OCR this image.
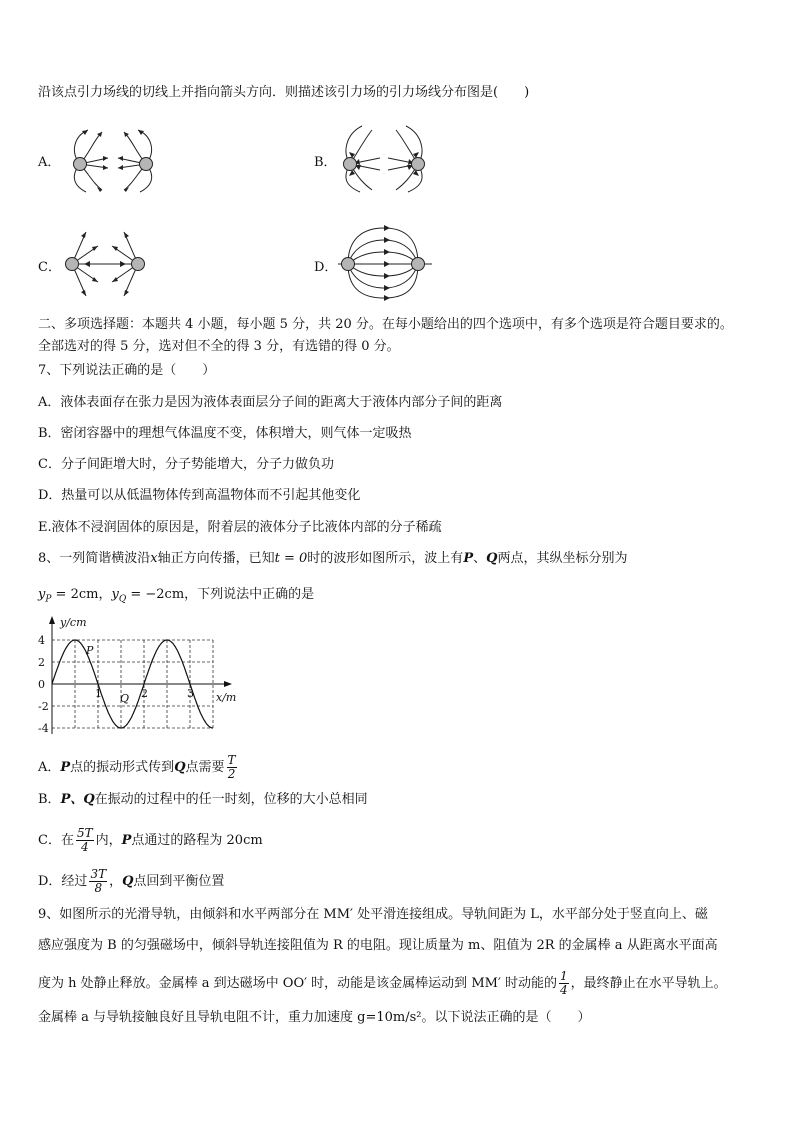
沿该点引力场线的切线上并指向箭头方向．则描述该引力场的引力场线分布图是(　　)
A．	B．
C．	D．
二、多项选择题：本题共 4 小题，每小题 5 分，共 20 分。在每小题给出的四个选项中，有多个选项是符合题目要求的。
全部选对的得 5 分，选对但不全的得 3 分，有选错的得 0 分。
7、下列说法正确的是（　　）
A．液体表面存在张力是因为液体表面层分子间的距离大于液体内部分子间的距离
B．密闭容器中的理想气体温度不变，体积增大，则气体一定吸热
C．分子间距增大时，分子势能增大，分子力做负功
D．热量可以从低温物体传到高温物体而不引起其他变化
E.液体不浸润固体的原因是，附着层的液体分子比液体内部的分子稀疏
8、一列简谐横波沿x轴正方向传播，已知t = 0时的波形如图所示，波上有P、Q两点，其纵坐标分别为
$y_P = 2cm$，$y_Q = -2cm$，下列说法中正确的是
4
2
0
-2
-4
1	2	3
y/cm
x/m
P
Q
A．P点的振动形式传到Q点需要 $\frac{T}{2}$
B．P、Q在振动的过程中的任一时刻，位移的大小总相同
C．在 $\frac{5T}{4}$ 内，P点通过的路程为 20cm
D．经过 $\frac{3T}{8}$ ，Q点回到平衡位置
9、如图所示的光滑导轨，由倾斜和水平两部分在 MM′ 处平滑连接组成。导轨间距为 L，水平部分处于竖直向上、磁
感应强度为 B 的匀强磁场中，倾斜导轨连接阻值为 R 的电阻。现让质量为 m、阻值为 2R 的金属棒 a 从距离水平面高
度为 h 处静止释放。金属棒 a 到达磁场中 OO′ 时，动能是该金属棒运动到 MM′ 时动能的 $\frac{1}{4}$ ，最终静止在水平导轨上。
金属棒 a 与导轨接触良好且导轨电阻不计，重力加速度 g=10m/s²。以下说法正确的是（　　）
